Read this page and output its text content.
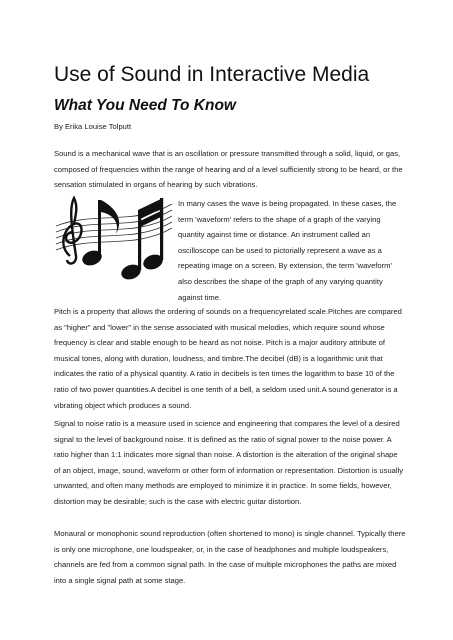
Use of Sound in Interactive Media
What You Need To Know
By Erika Louise Tolputt

Sound is a mechanical wave that is an oscillation or pressure transmitted through a solid, liquid, or gas, composed of frequencies within the range of hearing and of a level sufficiently strong to be heard, or the sensation stimulated in organs of hearing by such vibrations.

In many cases the wave is being propagated. In these cases, the term 'waveform' refers to the shape of a graph of the varying quantity against time or distance. An instrument called an oscilloscope can be used to pictorially represent a wave as a repeating image on a screen. By extension, the term 'waveform' also describes the shape of the graph of any varying quantity against time.

Pitch is a property that allows the ordering of sounds on a frequencyrelated scale.Pitches are compared as "higher" and "lower" in the sense associated with musical melodies, which require sound whose frequency is clear and stable enough to be heard as not noise. Pitch is a major auditory attribute of musical tones, along with duration, loudness, and timbre.The decibel (dB) is a logarithmic unit that indicates the ratio of a physical quantity. A ratio in decibels is ten times the logarithm to base 10 of the ratio of two power quantities.A decibel is one tenth of a bell, a seldom used unit.A sound generator is a vibrating object which produces a sound.

Signal to noise ratio is a measure used in science and engineering that compares the level of a desired signal to the level of background noise. It is defined as the ratio of signal power to the noise power. A ratio higher than 1:1 indicates more signal than noise. A distortion is the alteration of the original shape of an object, image, sound, waveform or other form of information or representation. Distortion is usually unwanted, and often many methods are employed to minimize it in practice. In some fields, however, distortion may be desirable; such is the case with electric guitar distortion.

Monaural or monophonic sound reproduction (often shortened to mono) is single channel. Typically there is only one microphone, one loudspeaker, or, in the case of headphones and multiple loudspeakers, channels are fed from a common signal path. In the case of multiple microphones the paths are mixed into a single signal path at some stage.
